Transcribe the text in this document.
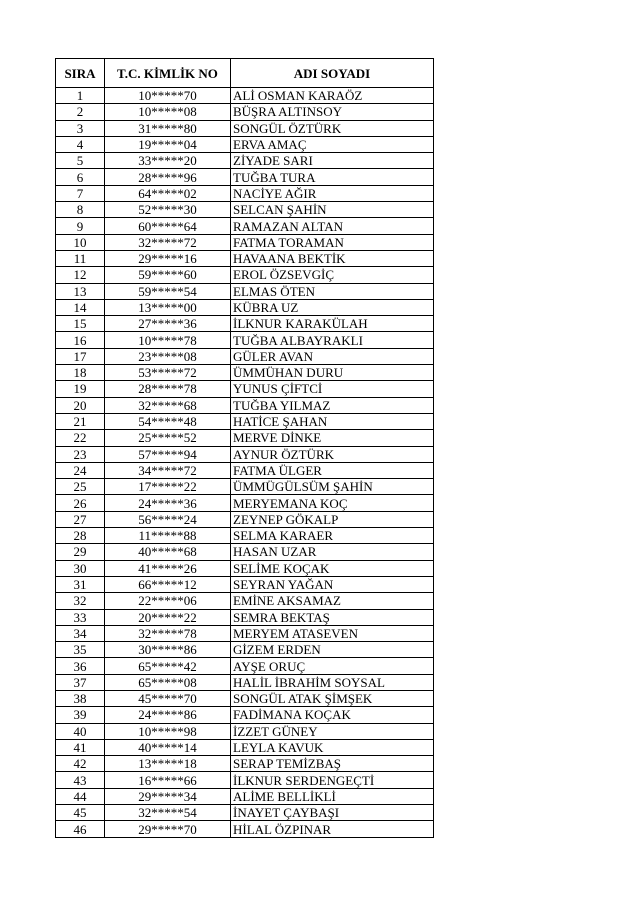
SIRA	T.C. KİMLİK NO	ADI SOYADI
1	10*****70	ALİ OSMAN KARAÖZ
2	10*****08	BÜŞRA ALTINSOY
3	31*****80	SONGÜL ÖZTÜRK
4	19*****04	ERVA AMAÇ
5	33*****20	ZİYADE SARI
6	28*****96	TUĞBA TURA
7	64*****02	NACİYE AĞIR
8	52*****30	SELCAN ŞAHİN
9	60*****64	RAMAZAN ALTAN
10	32*****72	FATMA TORAMAN
11	29*****16	HAVAANA BEKTİK
12	59*****60	EROL ÖZSEVGİÇ
13	59*****54	ELMAS ÖTEN
14	13*****00	KÜBRA UZ
15	27*****36	İLKNUR KARAKÜLAH
16	10*****78	TUĞBA ALBAYRAKLI
17	23*****08	GÜLER AVAN
18	53*****72	ÜMMÜHAN DURU
19	28*****78	YUNUS ÇİFTCİ
20	32*****68	TUĞBA YILMAZ
21	54*****48	HATİCE ŞAHAN
22	25*****52	MERVE DİNKE
23	57*****94	AYNUR ÖZTÜRK
24	34*****72	FATMA ÜLGER
25	17*****22	ÜMMÜGÜLSÜM ŞAHİN
26	24*****36	MERYEMANA KOÇ
27	56*****24	ZEYNEP GÖKALP
28	11*****88	SELMA KARAER
29	40*****68	HASAN UZAR
30	41*****26	SELİME KOÇAK
31	66*****12	SEYRAN YAĞAN
32	22*****06	EMİNE AKSAMAZ
33	20*****22	SEMRA BEKTAŞ
34	32*****78	MERYEM ATASEVEN
35	30*****86	GİZEM ERDEN
36	65*****42	AYŞE ORUÇ
37	65*****08	HALİL İBRAHİM SOYSAL
38	45*****70	SONGÜL ATAK ŞİMŞEK
39	24*****86	FADİMANA KOÇAK
40	10*****98	İZZET GÜNEY
41	40*****14	LEYLA KAVUK
42	13*****18	SERAP TEMİZBAŞ
43	16*****66	İLKNUR SERDENGEÇTİ
44	29*****34	ALİME BELLİKLİ
45	32*****54	İNAYET ÇAYBAŞI
46	29*****70	HİLAL ÖZPINAR
